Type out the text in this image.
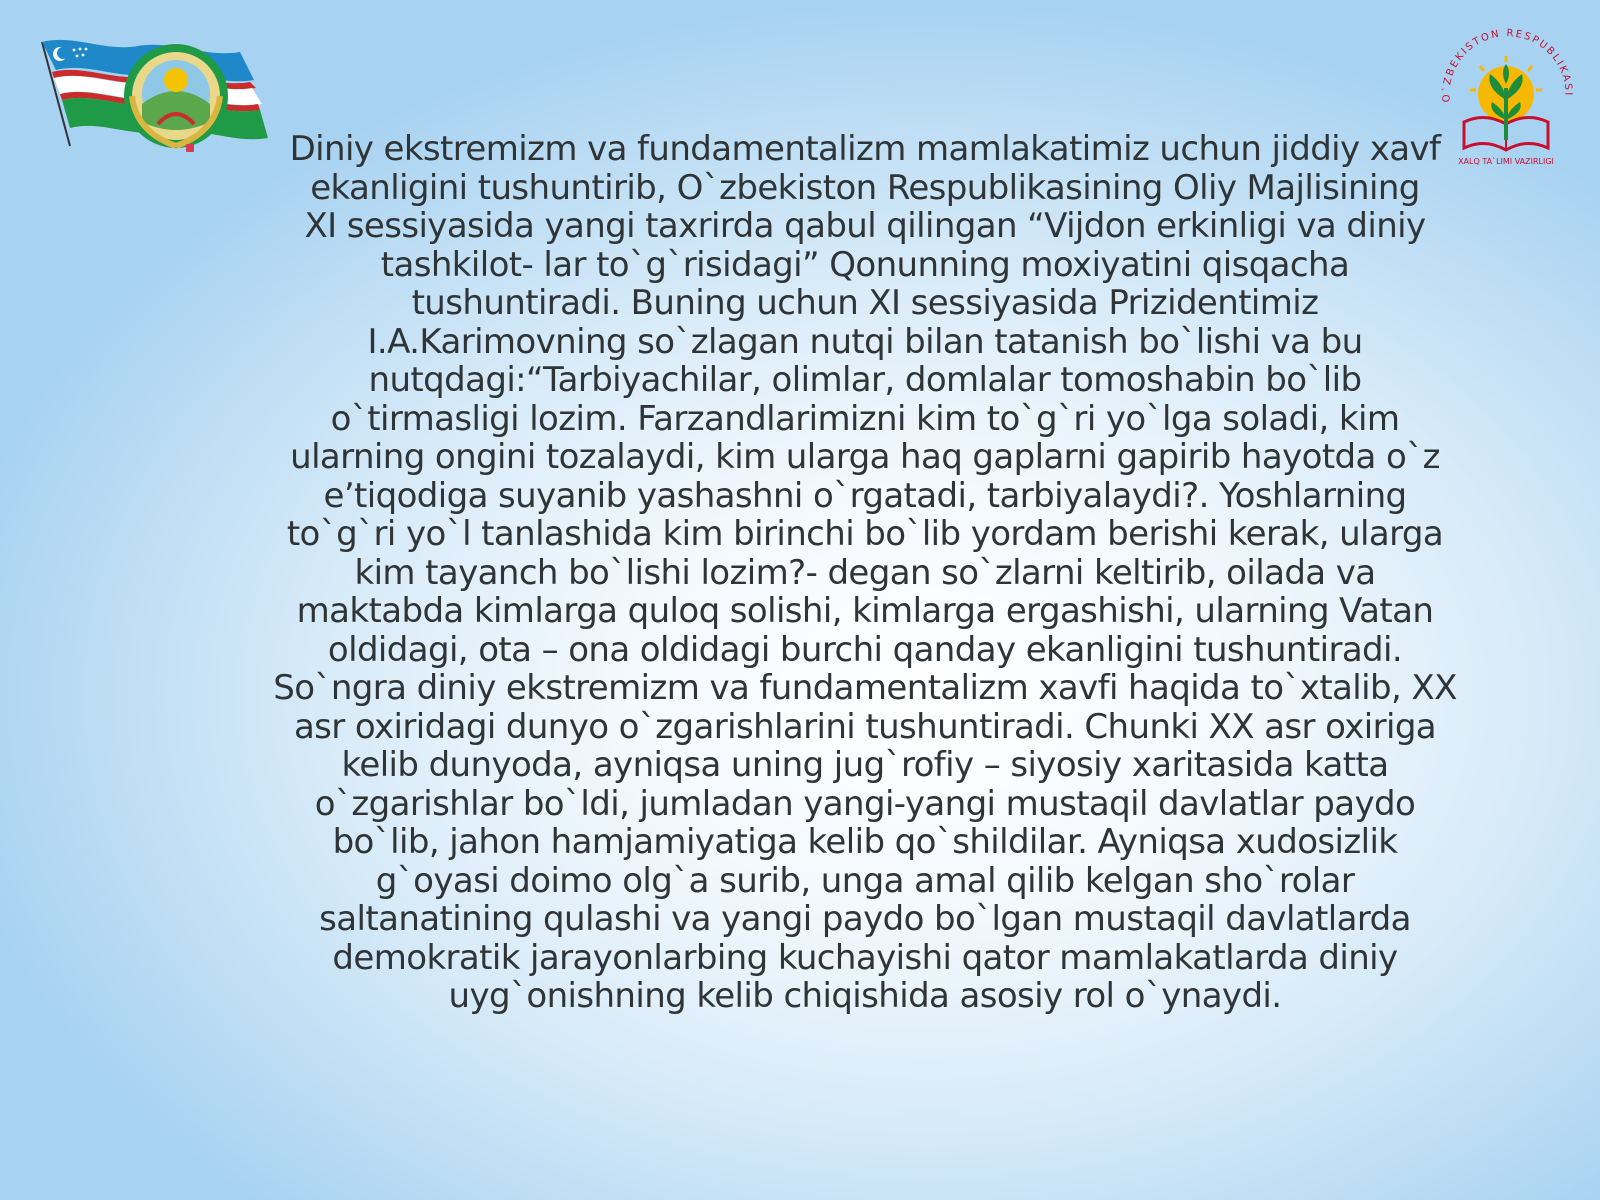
O`ZBEKISTON RESPUBLIKASI
XALQ TA`LIMI VAZIRLIGI

Diniy ekstremizm va fundamentalizm mamlakatimiz uchun jiddiy xavf
ekanligini tushuntirib, O`zbekiston Respublikasining Oliy Majlisining
XI sessiyasida yangi taxrirda qabul qilingan “Vijdon erkinligi va diniy
tashkilot- lar to`g`risidagi” Qonunning moxiyatini qisqacha
tushuntiradi. Buning uchun XI sessiyasida Prizidentimiz
I.A.Karimovning so`zlagan nutqi bilan tatanish bo`lishi va bu
nutqdagi:“Tarbiyachilar, olimlar, domlalar tomoshabin bo`lib
o`tirmasligi lozim. Farzandlarimizni kim to`g`ri yo`lga soladi, kim
ularning ongini tozalaydi, kim ularga haq gaplarni gapirib hayotda o`z
e’tiqodiga suyanib yashashni o`rgatadi, tarbiyalaydi?. Yoshlarning
to`g`ri yo`l tanlashida kim birinchi bo`lib yordam berishi kerak, ularga
kim tayanch bo`lishi lozim?- degan so`zlarni keltirib, oilada va
maktabda kimlarga quloq solishi, kimlarga ergashishi, ularning Vatan
oldidagi, ota – ona oldidagi burchi qanday ekanligini tushuntiradi.
So`ngra diniy ekstremizm va fundamentalizm xavfi haqida to`xtalib, XX
asr oxiridagi dunyo o`zgarishlarini tushuntiradi. Chunki XX asr oxiriga
kelib dunyoda, ayniqsa uning jug`rofiy – siyosiy xaritasida katta
o`zgarishlar bo`ldi, jumladan yangi-yangi mustaqil davlatlar paydo
bo`lib, jahon hamjamiyatiga kelib qo`shildilar. Ayniqsa xudosizlik
g`oyasi doimo olg`a surib, unga amal qilib kelgan sho`rolar
saltanatining qulashi va yangi paydo bo`lgan mustaqil davlatlarda
demokratik jarayonlarbing kuchayishi qator mamlakatlarda diniy
uyg`onishning kelib chiqishida asosiy rol o`ynaydi.
